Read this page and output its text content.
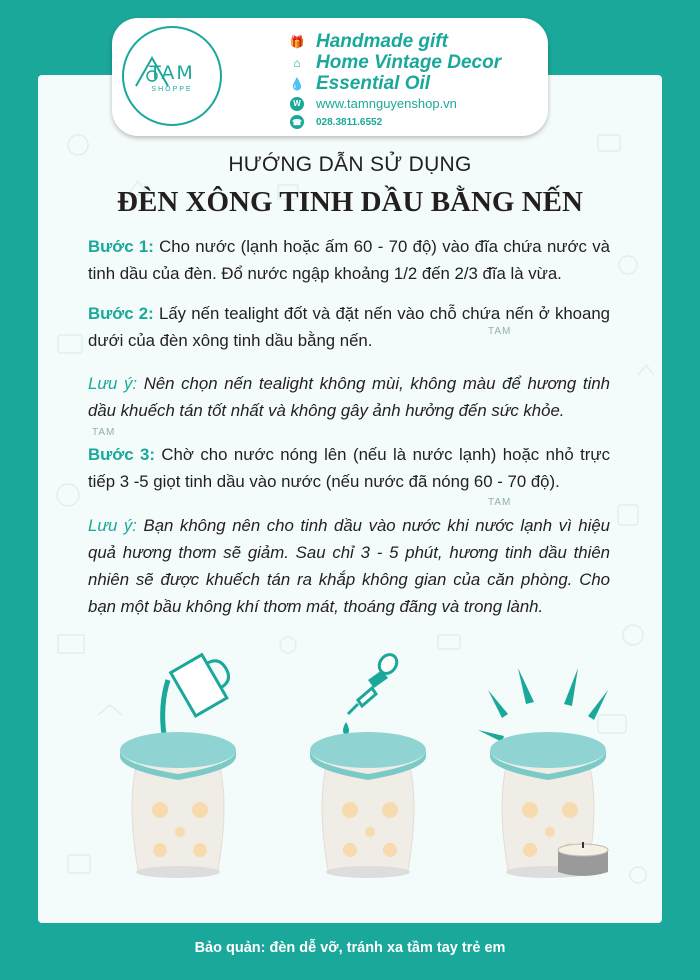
TAM
SHOPPE
🎁 Handmade gift
⌂ Home Vintage Decor
💧 Essential Oil
W www.tamnguyenshop.vn
☎ 028.3811.6552
HƯỚNG DẪN SỬ DỤNG
ĐÈN XÔNG TINH DẦU BẰNG NẾN
Bước 1: Cho nước (lạnh hoặc ấm 60 - 70 độ) vào đĩa chứa nước và tinh dầu của đèn. Đổ nước ngập khoảng 1/2 đến 2/3 đĩa là vừa.
Bước 2: Lấy nến tealight đốt và đặt nến vào chỗ chứa nến ở khoang dưới của đèn xông tinh dầu bằng nến.
Lưu ý: Nên chọn nến tealight không mùi, không màu để hương tinh dầu khuếch tán tốt nhất và không gây ảnh hưởng đến sức khỏe.
Bước 3: Chờ cho nước nóng lên (nếu là nước lạnh) hoặc nhỏ trực tiếp 3 -5 giọt tinh dầu vào nước (nếu nước đã nóng 60 - 70 độ).
Lưu ý: Bạn không nên cho tinh dầu vào nước khi nước lạnh vì hiệu quả hương thơm sẽ giảm. Sau chỉ 3 - 5 phút, hương tinh dầu thiên nhiên sẽ được khuếch tán ra khắp không gian của căn phòng. Cho bạn một bầu không khí thơm mát, thoáng đãng và trong lành.
TAM
TAM
TAM
Bảo quản: đèn dễ vỡ, tránh xa tầm tay trẻ em
